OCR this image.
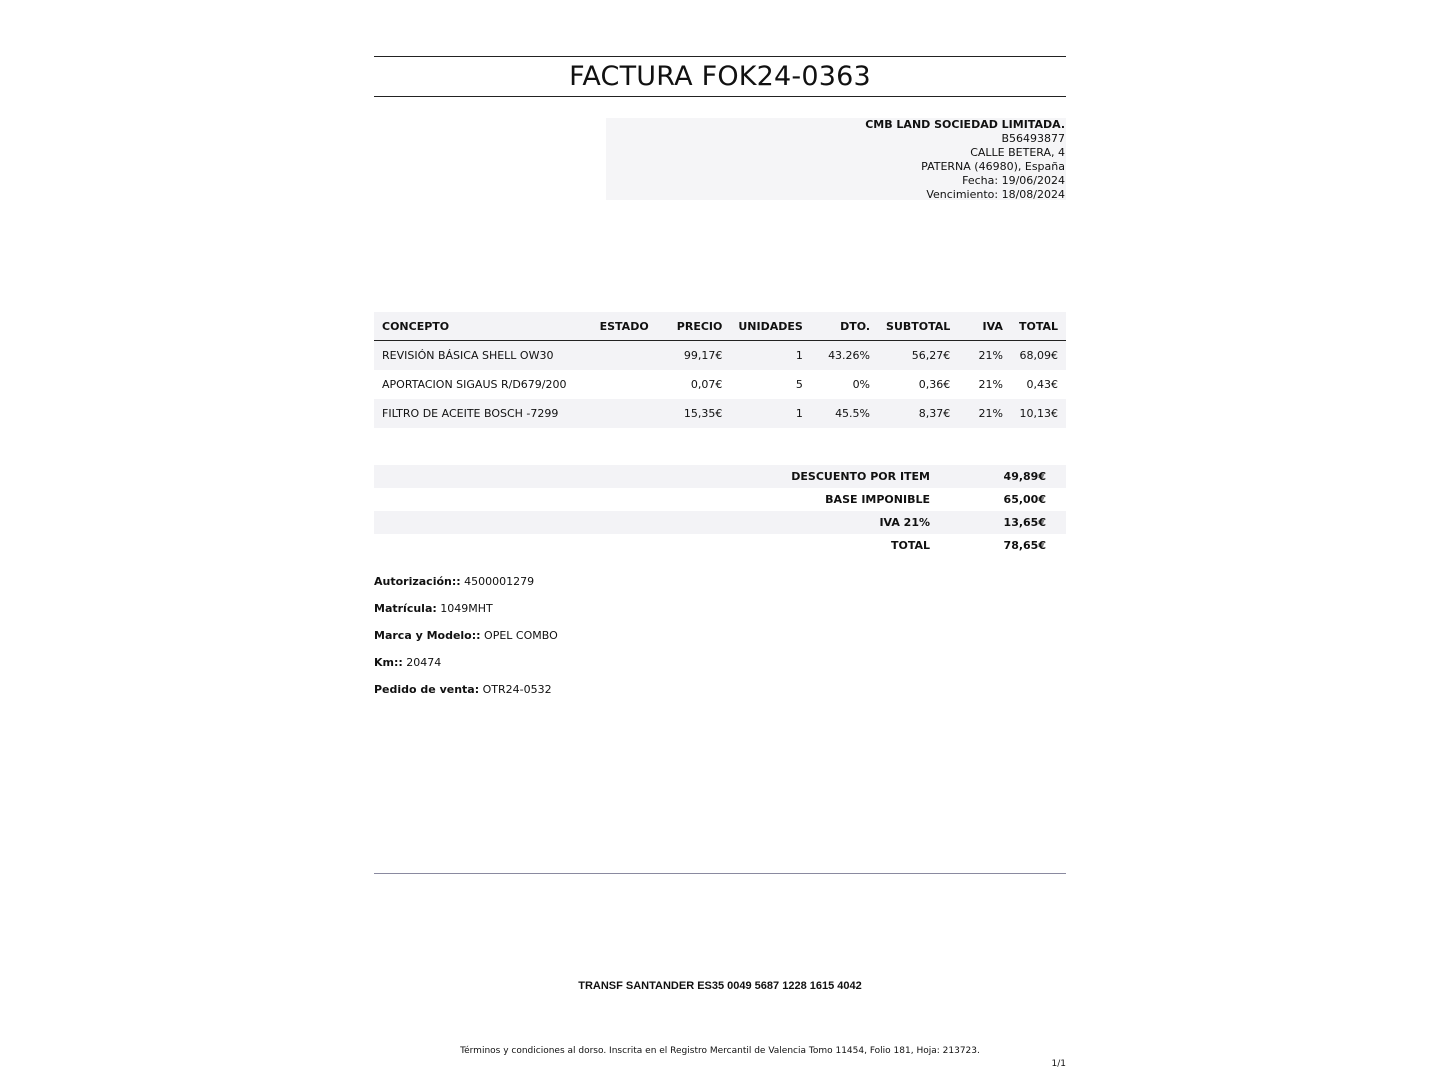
FACTURA FOK24-0363
CMB LAND SOCIEDAD LIMITADA.
B56493877
CALLE BETERA, 4
PATERNA (46980), España
Fecha: 19/06/2024
Vencimiento: 18/08/2024
CONCEPTO	ESTADO	PRECIO	UNIDADES	DTO.	SUBTOTAL	IVA	TOTAL
REVISIÓN BÁSICA SHELL OW30		99,17€	1	43.26%	56,27€	21%	68,09€
APORTACION SIGAUS R/D679/200		0,07€	5	0%	0,36€	21%	0,43€
FILTRO DE ACEITE BOSCH -7299		15,35€	1	45.5%	8,37€	21%	10,13€
DESCUENTO POR ITEM	49,89€
BASE IMPONIBLE	65,00€
IVA 21%	13,65€
TOTAL	78,65€
Autorización:: 4500001279
Matrícula: 1049MHT
Marca y Modelo:: OPEL COMBO
Km:: 20474
Pedido de venta: OTR24-0532
TRANSF SANTANDER ES35 0049 5687 1228 1615 4042
Términos y condiciones al dorso. Inscrita en el Registro Mercantil de Valencia Tomo 11454, Folio 181, Hoja: 213723.
1/1
